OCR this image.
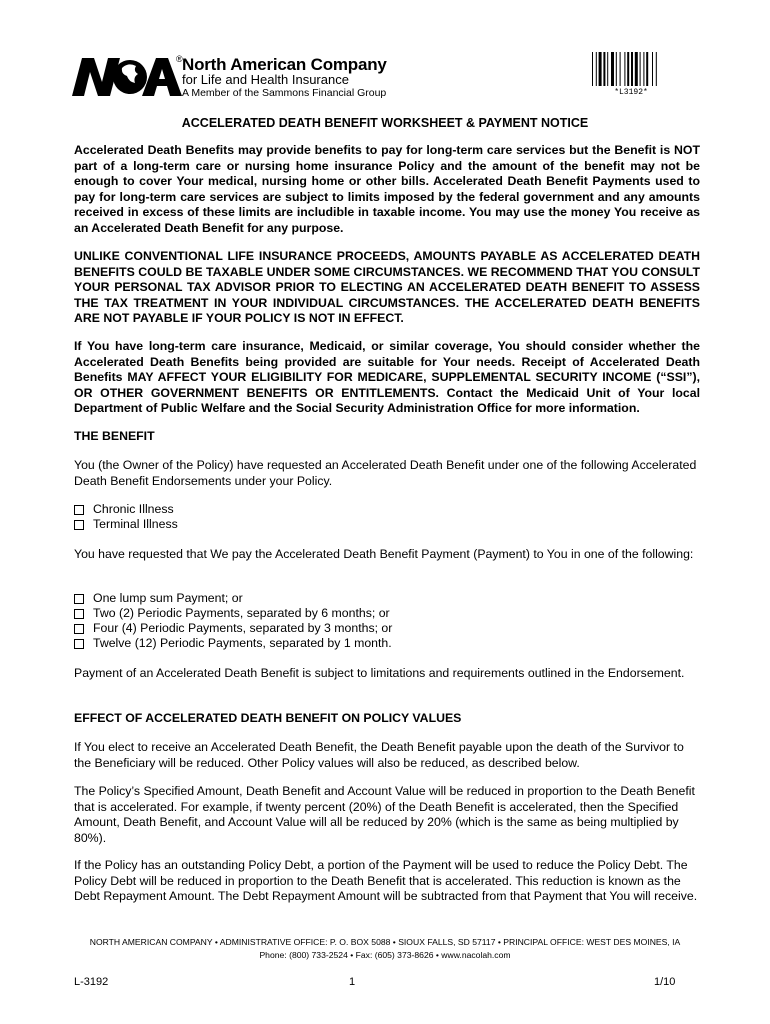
® North American Company
for Life and Health Insurance
A Member of the Sammons Financial Group	*L3192*
ACCELERATED DEATH BENEFIT WORKSHEET & PAYMENT NOTICE
Accelerated Death Benefits may provide benefits to pay for long-term care services but the Benefit is NOT part of a long-term care or nursing home insurance Policy and the amount of the benefit may not be enough to cover Your medical, nursing home or other bills. Accelerated Death Benefit Payments used to pay for long-term care services are subject to limits imposed by the federal government and any amounts received in excess of these limits are includible in taxable income. You may use the money You receive as an Accelerated Death Benefit for any purpose.
UNLIKE CONVENTIONAL LIFE INSURANCE PROCEEDS, AMOUNTS PAYABLE AS ACCELERATED DEATH BENEFITS COULD BE TAXABLE UNDER SOME CIRCUMSTANCES. WE RECOMMEND THAT YOU CONSULT YOUR PERSONAL TAX ADVISOR PRIOR TO ELECTING AN ACCELERATED DEATH BENEFIT TO ASSESS THE TAX TREATMENT IN YOUR INDIVIDUAL CIRCUMSTANCES. THE ACCELERATED DEATH BENEFITS ARE NOT PAYABLE IF YOUR POLICY IS NOT IN EFFECT.
If You have long-term care insurance, Medicaid, or similar coverage, You should consider whether the Accelerated Death Benefits being provided are suitable for Your needs. Receipt of Accelerated Death Benefits MAY AFFECT YOUR ELIGIBILITY FOR MEDICARE, SUPPLEMENTAL SECURITY INCOME (“SSI”), OR OTHER GOVERNMENT BENEFITS OR ENTITLEMENTS. Contact the Medicaid Unit of Your local Department of Public Welfare and the Social Security Administration Office for more information.
THE BENEFIT
You (the Owner of the Policy) have requested an Accelerated Death Benefit under one of the following Accelerated Death Benefit Endorsements under your Policy.
Chronic Illness
Terminal Illness
You have requested that We pay the Accelerated Death Benefit Payment (Payment) to You in one of the following:
One lump sum Payment; or
Two (2) Periodic Payments, separated by 6 months; or
Four (4) Periodic Payments, separated by 3 months; or
Twelve (12) Periodic Payments, separated by 1 month.
Payment of an Accelerated Death Benefit is subject to limitations and requirements outlined in the Endorsement.
EFFECT OF ACCELERATED DEATH BENEFIT ON POLICY VALUES
If You elect to receive an Accelerated Death Benefit, the Death Benefit payable upon the death of the Survivor to the Beneficiary will be reduced. Other Policy values will also be reduced, as described below.
The Policy’s Specified Amount, Death Benefit and Account Value will be reduced in proportion to the Death Benefit that is accelerated. For example, if twenty percent (20%) of the Death Benefit is accelerated, then the Specified Amount, Death Benefit, and Account Value will all be reduced by 20% (which is the same as being multiplied by 80%).
If the Policy has an outstanding Policy Debt, a portion of the Payment will be used to reduce the Policy Debt. The Policy Debt will be reduced in proportion to the Death Benefit that is accelerated. This reduction is known as the Debt Repayment Amount. The Debt Repayment Amount will be subtracted from that Payment that You will receive.
NORTH AMERICAN COMPANY • ADMINISTRATIVE OFFICE: P. O. BOX 5088 • SIOUX FALLS, SD 57117 • PRINCIPAL OFFICE: WEST DES MOINES, IA
Phone: (800) 733-2524 • Fax: (605) 373-8626 • www.nacolah.com
L-3192	1	1/10
